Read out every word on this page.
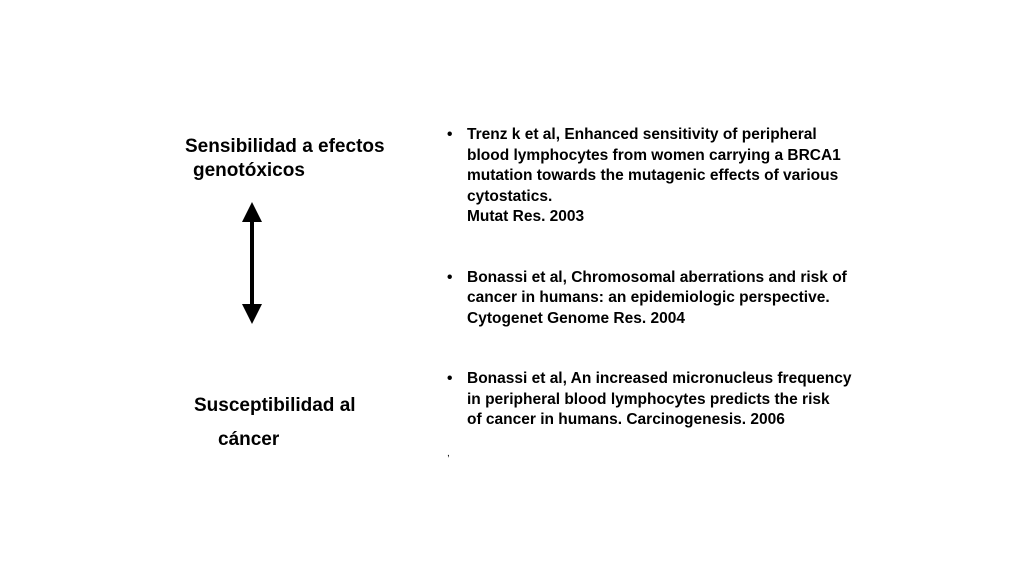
Sensibilidad a efectos
genotóxicos
Susceptibilidad al
cáncer
• Trenz k et al, Enhanced sensitivity of peripheral
blood lymphocytes from women carrying a BRCA1
mutation towards the mutagenic effects of various
cytostatics.
Mutat Res. 2003
• Bonassi et al, Chromosomal aberrations and risk of
cancer in humans: an epidemiologic perspective.
Cytogenet Genome Res. 2004
• Bonassi et al, An increased micronucleus frequency
in peripheral blood lymphocytes predicts the risk
of cancer in humans. Carcinogenesis. 2006
,
